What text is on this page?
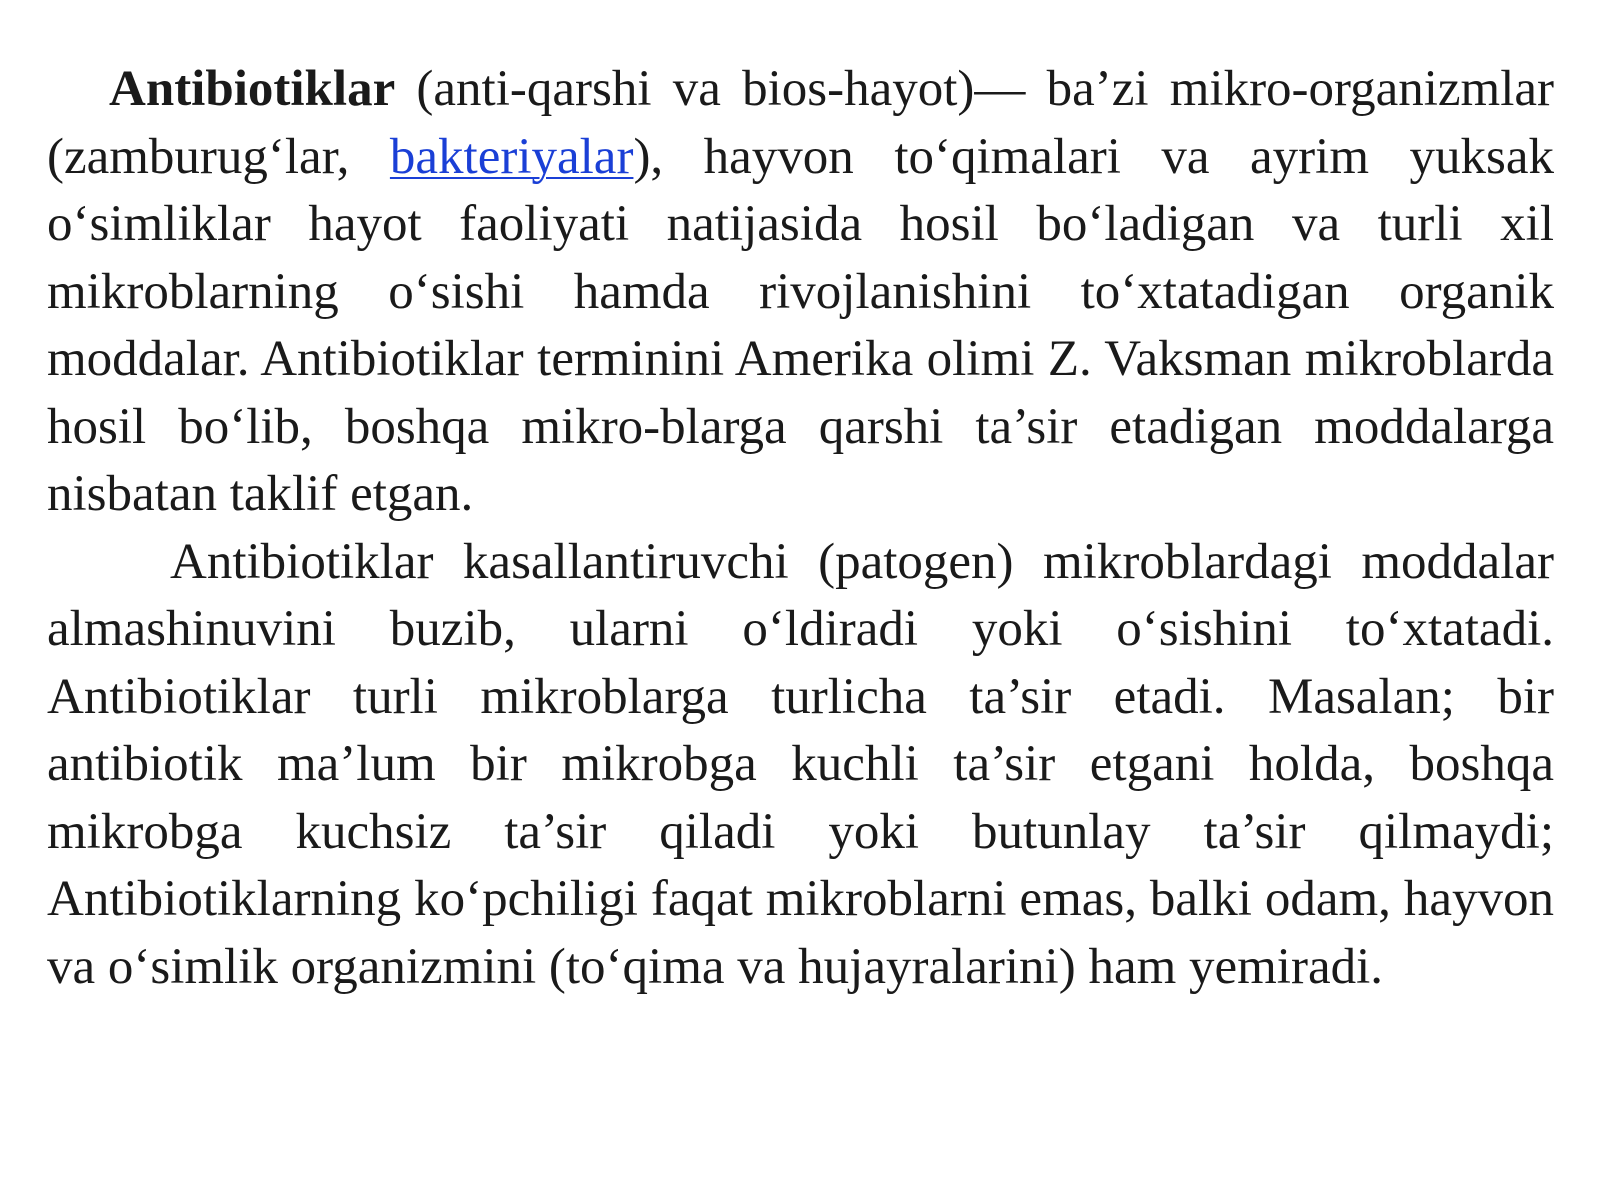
Antibiotiklar (anti-qarshi va bios-hayot)— ba’zi mikro-organizmlar (zamburug‘lar, bakteriyalar), hayvon to‘qimalari va ayrim yuksak o‘simliklar hayot faoliyati natijasida hosil bo‘ladigan va turli xil mikroblarning o‘sishi hamda rivojlanishini to‘xtatadigan organik moddalar. Antibiotiklar terminini Amerika olimi Z. Vaksman mikroblarda hosil bo‘lib, boshqa mikro-blarga qarshi ta’sir etadigan moddalarga nisbatan taklif etgan.

Antibiotiklar kasallantiruvchi (patogen) mikroblardagi moddalar almashinuvini buzib, ularni o‘ldiradi yoki o‘sishini to‘xtatadi. Antibiotiklar turli mikroblarga turlicha ta’sir etadi. Masalan; bir antibiotik ma’lum bir mikrobga kuchli ta’sir etgani holda, boshqa mikrobga kuchsiz ta’sir qiladi yoki butunlay ta’sir qilmaydi; Antibiotiklarning ko‘pchiligi faqat mikroblarni emas, balki odam, hayvon va o‘simlik organizmini (to‘qima va hujayralarini) ham yemiradi.
